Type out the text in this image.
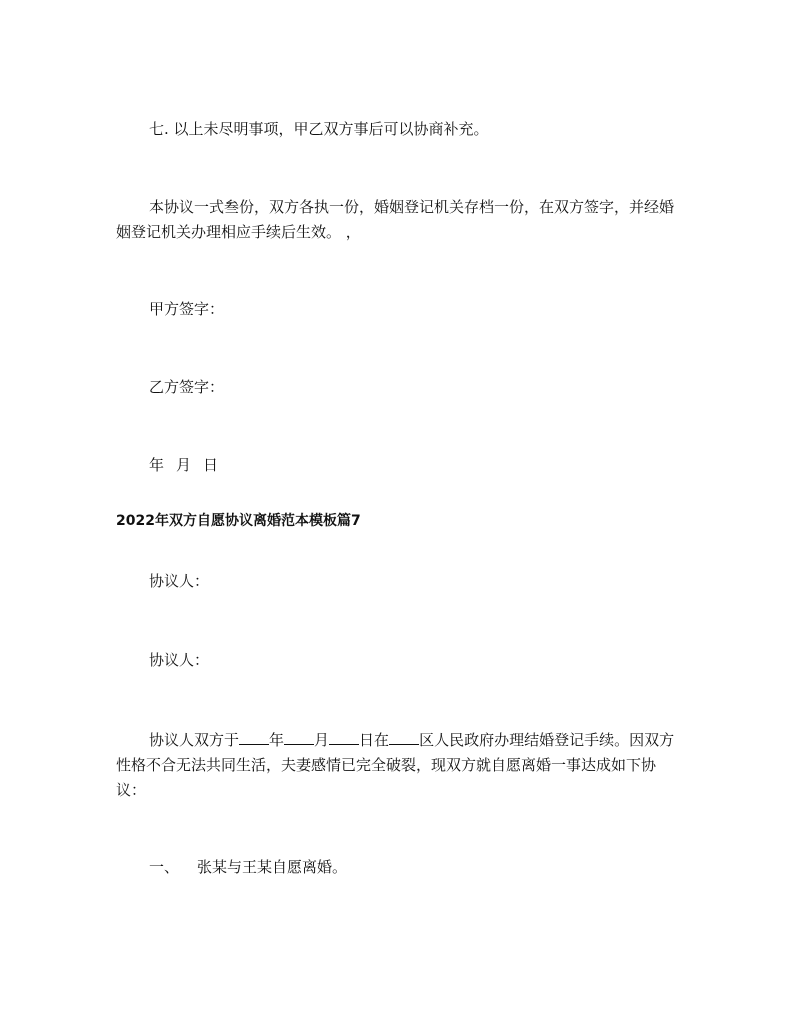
七. 以上未尽明事项，甲乙双方事后可以协商补充。

本协议一式叁份，双方各执一份，婚姻登记机关存档一份，在双方签字，并经婚姻登记机关办理相应手续后生效。 ，

甲方签字：

乙方签字：

年 月 日

2022年双方自愿协议离婚范本模板篇7

协议人：

协议人：

协议人双方于 年 月 日在 区人民政府办理结婚登记手续。因双方性格不合无法共同生活，夫妻感情已完全破裂，现双方就自愿离婚一事达成如下协议：

一、 张某与王某自愿离婚。
